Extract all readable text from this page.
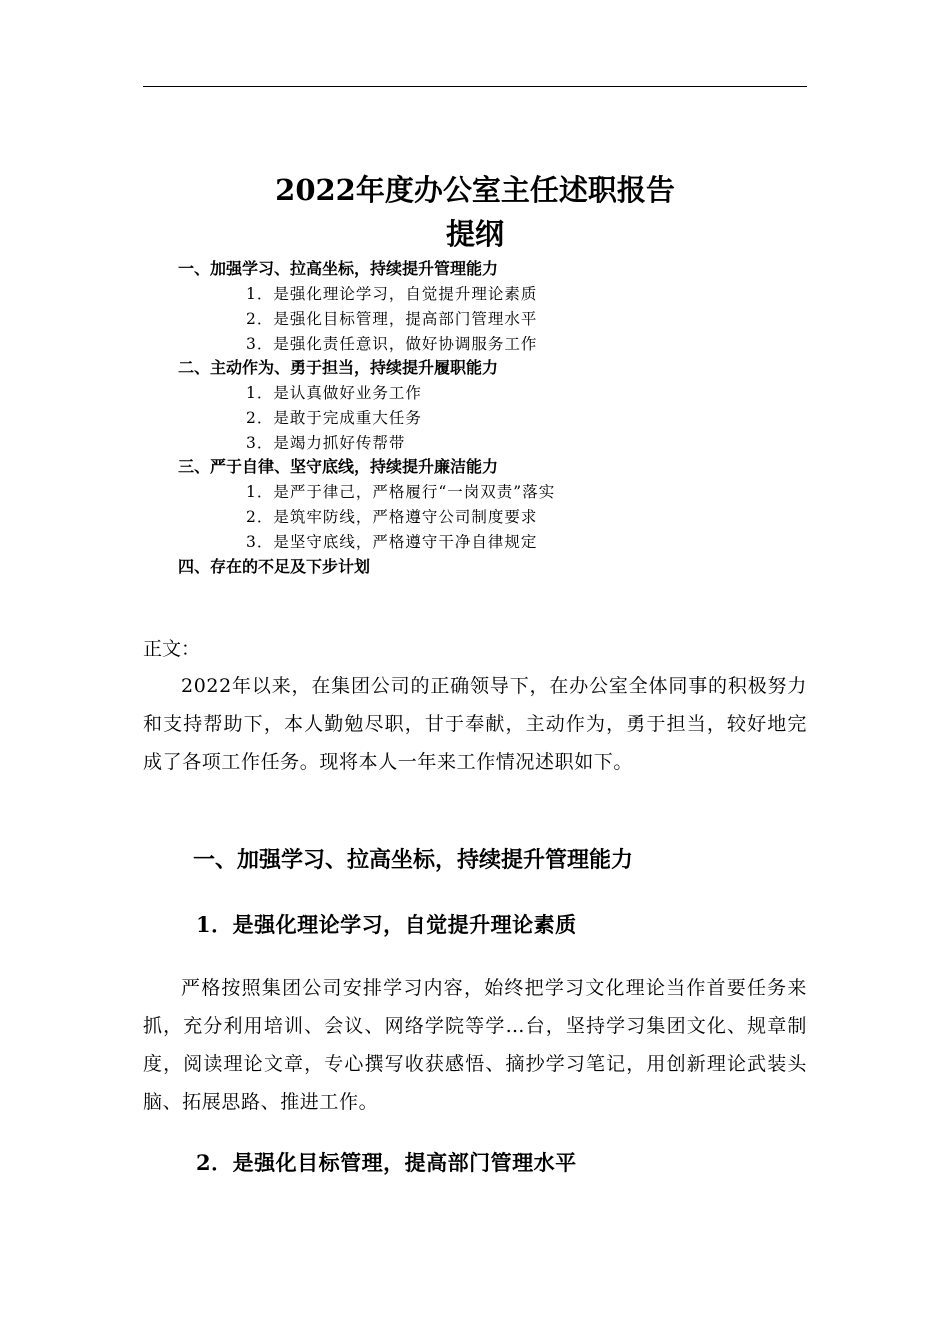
2022年度办公室主任述职报告
提纲
一、加强学习、拉高坐标，持续提升管理能力
1．是强化理论学习，自觉提升理论素质
2．是强化目标管理，提高部门管理水平
3．是强化责任意识，做好协调服务工作
二、主动作为、勇于担当，持续提升履职能力
1．是认真做好业务工作
2．是敢于完成重大任务
3．是竭力抓好传帮带
三、严于自律、坚守底线，持续提升廉洁能力
1．是严于律己，严格履行“一岗双责”落实
2．是筑牢防线，严格遵守公司制度要求
3．是坚守底线，严格遵守干净自律规定
四、存在的不足及下步计划
正文：

2022年以来，在集团公司的正确领导下，在办公室全体同事的积极努力和支持帮助下，本人勤勉尽职，甘于奉献，主动作为，勇于担当，较好地完成了各项工作任务。现将本人一年来工作情况述职如下。

一、加强学习、拉高坐标，持续提升管理能力
1．是强化理论学习，自觉提升理论素质

严格按照集团公司安排学习内容，始终把学习文化理论当作首要任务来抓，充分利用培训、会议、网络学院等学…台，坚持学习集团文化、规章制度，阅读理论文章，专心撰写收获感悟、摘抄学习笔记，用创新理论武装头脑、拓展思路、推进工作。

2．是强化目标管理，提高部门管理水平
